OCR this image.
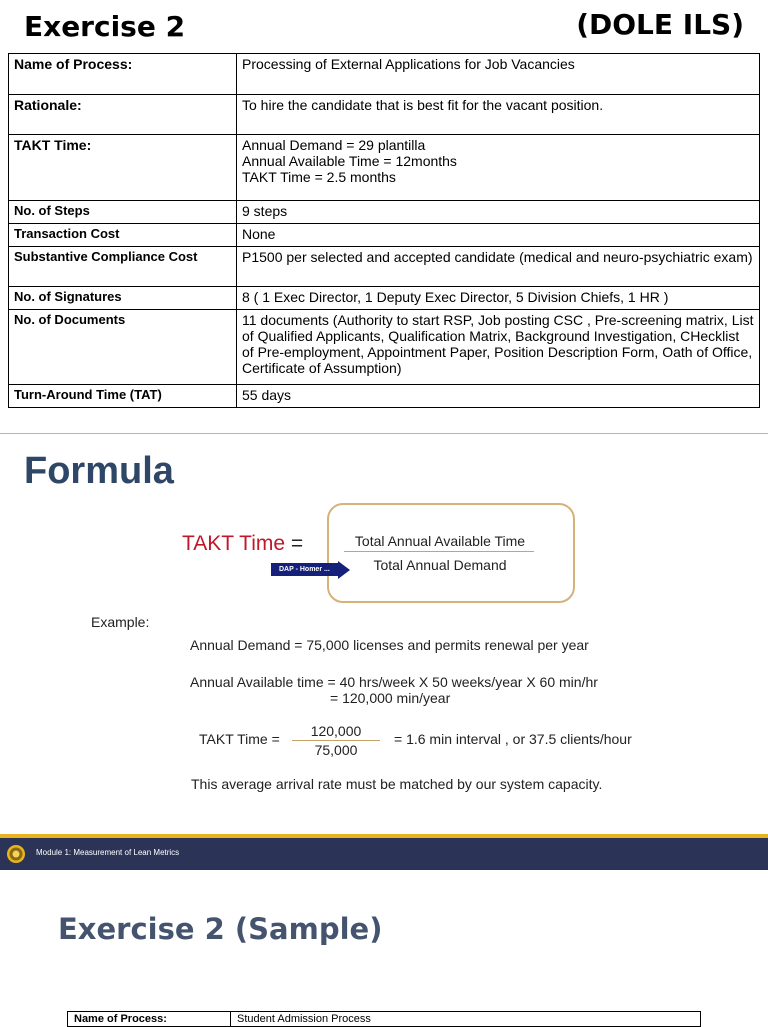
Exercise 2	(DOLE ILS)
Name of Process:	Processing of External Applications for Job Vacancies

Rationale:	To hire the candidate that is best fit for the vacant position.

TAKT Time:	Annual Demand = 29 plantilla
Annual Available Time = 12months
TAKT Time = 2.5 months

No. of Steps	9 steps

Transaction Cost	None

Substantive Compliance Cost	P1500 per selected and accepted candidate (medical and neuro-psychiatric exam)

No. of Signatures	8 ( 1 Exec Director, 1 Deputy Exec Director, 5 Division Chiefs, 1 HR )

No. of Documents	11 documents (Authority to start RSP, Job posting CSC , Pre-screening matrix, List of Qualified Applicants, Qualification Matrix, Background Investigation, CHecklist of Pre-employment, Appointment Paper, Position Description Form, Oath of Office, Certificate of Assumption)

Turn-Around Time (TAT)	55 days
Formula
TAKT Time =	Total Annual Available Time
Total Annual Demand
DAP - Homer ...
Example:
Annual Demand = 75,000 licenses and permits renewal per year
Annual Available time = 40 hrs/week X 50 weeks/year X 60 min/hr
= 120,000 min/year
TAKT Time =	120,000
75,000
= 1.6 min interval , or 37.5 clients/hour
This average arrival rate must be matched by our system capacity.
Module 1: Measurement of Lean Metrics
Exercise 2 (Sample)
Name of Process:	Student Admission Process
